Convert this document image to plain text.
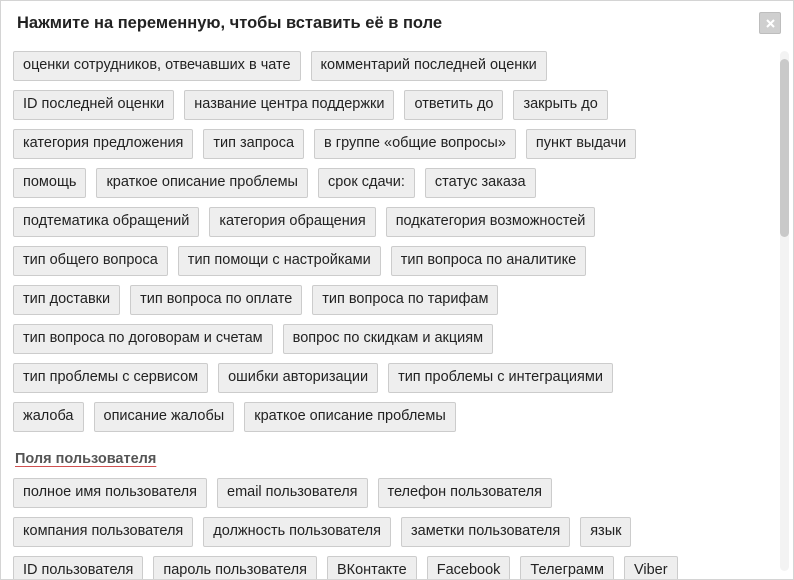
Нажмите на переменную, чтобы вставить её в поле
оценки сотрудников, отвечавших в чате	комментарий последней оценки
ID последней оценки	название центра поддержки	ответить до	закрыть до
категория предложения	тип запроса	в группе «общие вопросы»	пункт выдачи
помощь	краткое описание проблемы	срок сдачи:	статус заказа
подтематика обращений	категория обращения	подкатегория возможностей
тип общего вопроса	тип помощи с настройками	тип вопроса по аналитике
тип доставки	тип вопроса по оплате	тип вопроса по тарифам
тип вопроса по договорам и счетам	вопрос по скидкам и акциям
тип проблемы с сервисом	ошибки авторизации	тип проблемы с интеграциями
жалоба	описание жалобы	краткое описание проблемы
Поля пользователя
полное имя пользователя	email пользователя	телефон пользователя
компания пользователя	должность пользователя	заметки пользователя	язык
ID пользователя	пароль пользователя	ВКонтакте	Facebook	Телеграмм	Viber
